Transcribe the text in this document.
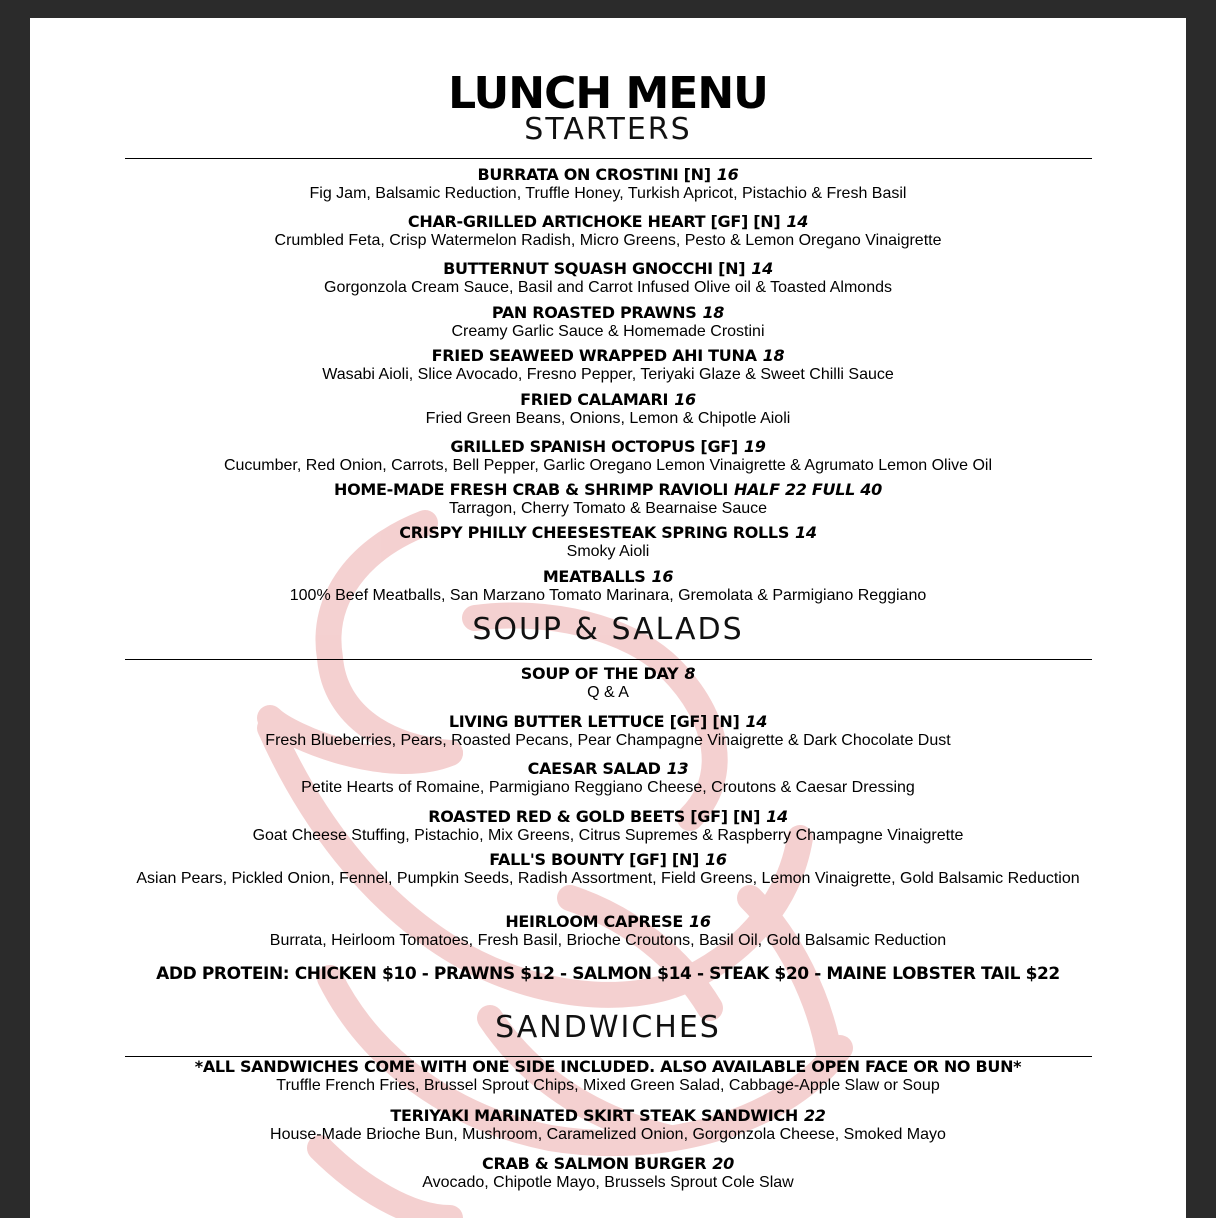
LUNCH MENU
STARTERS
BURRATA ON CROSTINI [N] 16
Fig Jam, Balsamic Reduction, Truffle Honey, Turkish Apricot, Pistachio & Fresh Basil
CHAR-GRILLED ARTICHOKE HEART [GF] [N] 14
Crumbled Feta, Crisp Watermelon Radish, Micro Greens, Pesto & Lemon Oregano Vinaigrette
BUTTERNUT SQUASH GNOCCHI [N] 14
Gorgonzola Cream Sauce, Basil and Carrot Infused Olive oil & Toasted Almonds
PAN ROASTED PRAWNS 18
Creamy Garlic Sauce & Homemade Crostini
FRIED SEAWEED WRAPPED AHI TUNA 18
Wasabi Aioli, Slice Avocado, Fresno Pepper, Teriyaki Glaze & Sweet Chilli Sauce
FRIED CALAMARI 16
Fried Green Beans, Onions, Lemon & Chipotle Aioli
GRILLED SPANISH OCTOPUS [GF] 19
Cucumber, Red Onion, Carrots, Bell Pepper, Garlic Oregano Lemon Vinaigrette & Agrumato Lemon Olive Oil
HOME-MADE FRESH CRAB & SHRIMP RAVIOLI HALF 22 FULL 40
Tarragon, Cherry Tomato & Bearnaise Sauce
CRISPY PHILLY CHEESESTEAK SPRING ROLLS 14
Smoky Aioli
MEATBALLS 16
100% Beef Meatballs, San Marzano Tomato Marinara, Gremolata & Parmigiano Reggiano
SOUP & SALADS
SOUP OF THE DAY 8
Q & A
LIVING BUTTER LETTUCE [GF] [N] 14
Fresh Blueberries, Pears, Roasted Pecans, Pear Champagne Vinaigrette & Dark Chocolate Dust
CAESAR SALAD 13
Petite Hearts of Romaine, Parmigiano Reggiano Cheese, Croutons & Caesar Dressing
ROASTED RED & GOLD BEETS [GF] [N] 14
Goat Cheese Stuffing, Pistachio, Mix Greens, Citrus Supremes & Raspberry Champagne Vinaigrette
FALL'S BOUNTY [GF] [N] 16
Asian Pears, Pickled Onion, Fennel, Pumpkin Seeds, Radish Assortment, Field Greens, Lemon Vinaigrette, Gold Balsamic Reduction
HEIRLOOM CAPRESE 16
Burrata, Heirloom Tomatoes, Fresh Basil, Brioche Croutons, Basil Oil, Gold Balsamic Reduction
ADD PROTEIN: CHICKEN $10 - PRAWNS $12 - SALMON $14 - STEAK $20 - MAINE LOBSTER TAIL $22
SANDWICHES
*ALL SANDWICHES COME WITH ONE SIDE INCLUDED. ALSO AVAILABLE OPEN FACE OR NO BUN*
Truffle French Fries, Brussel Sprout Chips, Mixed Green Salad, Cabbage-Apple Slaw or Soup
TERIYAKI MARINATED SKIRT STEAK SANDWICH 22
House-Made Brioche Bun, Mushroom, Caramelized Onion, Gorgonzola Cheese, Smoked Mayo
CRAB & SALMON BURGER 20
Avocado, Chipotle Mayo, Brussels Sprout Cole Slaw
